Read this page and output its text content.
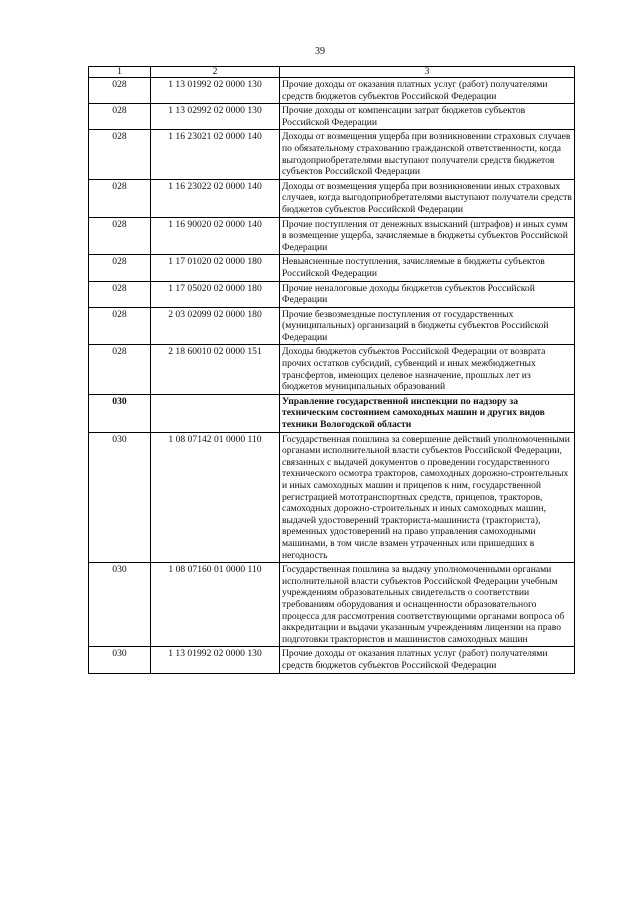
39
1	2	3
028	1 13 01992 02 0000 130	Прочие доходы от оказания платных услуг (работ) получателями средств бюджетов субъектов Российской Федерации
028	1 13 02992 02 0000 130	Прочие доходы от компенсации затрат бюджетов субъектов Российской Федерации
028	1 16 23021 02 0000 140	Доходы от возмещения ущерба при возникновении страховых случаев по обязательному страхованию гражданской ответственности, когда выгодоприобретателями выступают получатели средств бюджетов субъектов Российской Федерации
028	1 16 23022 02 0000 140	Доходы от возмещения ущерба при возникновении иных страховых случаев, когда выгодоприобретателями выступают получатели средств бюджетов субъектов Российской Федерации
028	1 16 90020 02 0000 140	Прочие поступления от денежных взысканий (штрафов) и иных сумм в возмещение ущерба, зачисляемые в бюджеты субъектов Российской Федерации
028	1 17 01020 02 0000 180	Невыясненные поступления, зачисляемые в бюджеты субъектов Российской Федерации
028	1 17 05020 02 0000 180	Прочие неналоговые доходы бюджетов субъектов Российской Федерации
028	2 03 02099 02 0000 180	Прочие безвозмездные поступления от государственных (муниципальных) организаций в бюджеты субъектов Российской Федерации
028	2 18 60010 02 0000 151	Доходы бюджетов субъектов Российской Федерации от возврата прочих остатков субсидий, субвенций и иных межбюджетных трансфертов, имеющих целевое назначение, прошлых лет из бюджетов муниципальных образований
030		Управление государственной инспекции по надзору за техническим состоянием самоходных машин и других видов техники Вологодской области
030	1 08 07142 01 0000 110	Государственная пошлина за совершение действий уполномоченными органами исполнительной власти субъектов Российской Федерации, связанных с выдачей документов о проведении государственного технического осмотра тракторов, самоходных дорожно-строительных и иных самоходных машин и прицепов к ним, государственной регистрацией мототранспортных средств, прицепов, тракторов, самоходных дорожно-строительных и иных самоходных машин, выдачей удостоверений тракториста-машиниста (тракториста), временных удостоверений на право управления самоходными машинами, в том числе взамен утраченных или пришедших в негодность
030	1 08 07160 01 0000 110	Государственная пошлина за выдачу уполномоченными органами исполнительной власти субъектов Российской Федерации учебным учреждениям образовательных свидетельств о соответствии требованиям оборудования и оснащенности образовательного процесса для рассмотрения соответствующими органами вопроса об аккредитации и выдачи указанным учреждениям лицензии на право подготовки трактористов и машинистов самоходных машин
030	1 13 01992 02 0000 130	Прочие доходы от оказания платных услуг (работ) получателями средств бюджетов субъектов Российской Федерации
